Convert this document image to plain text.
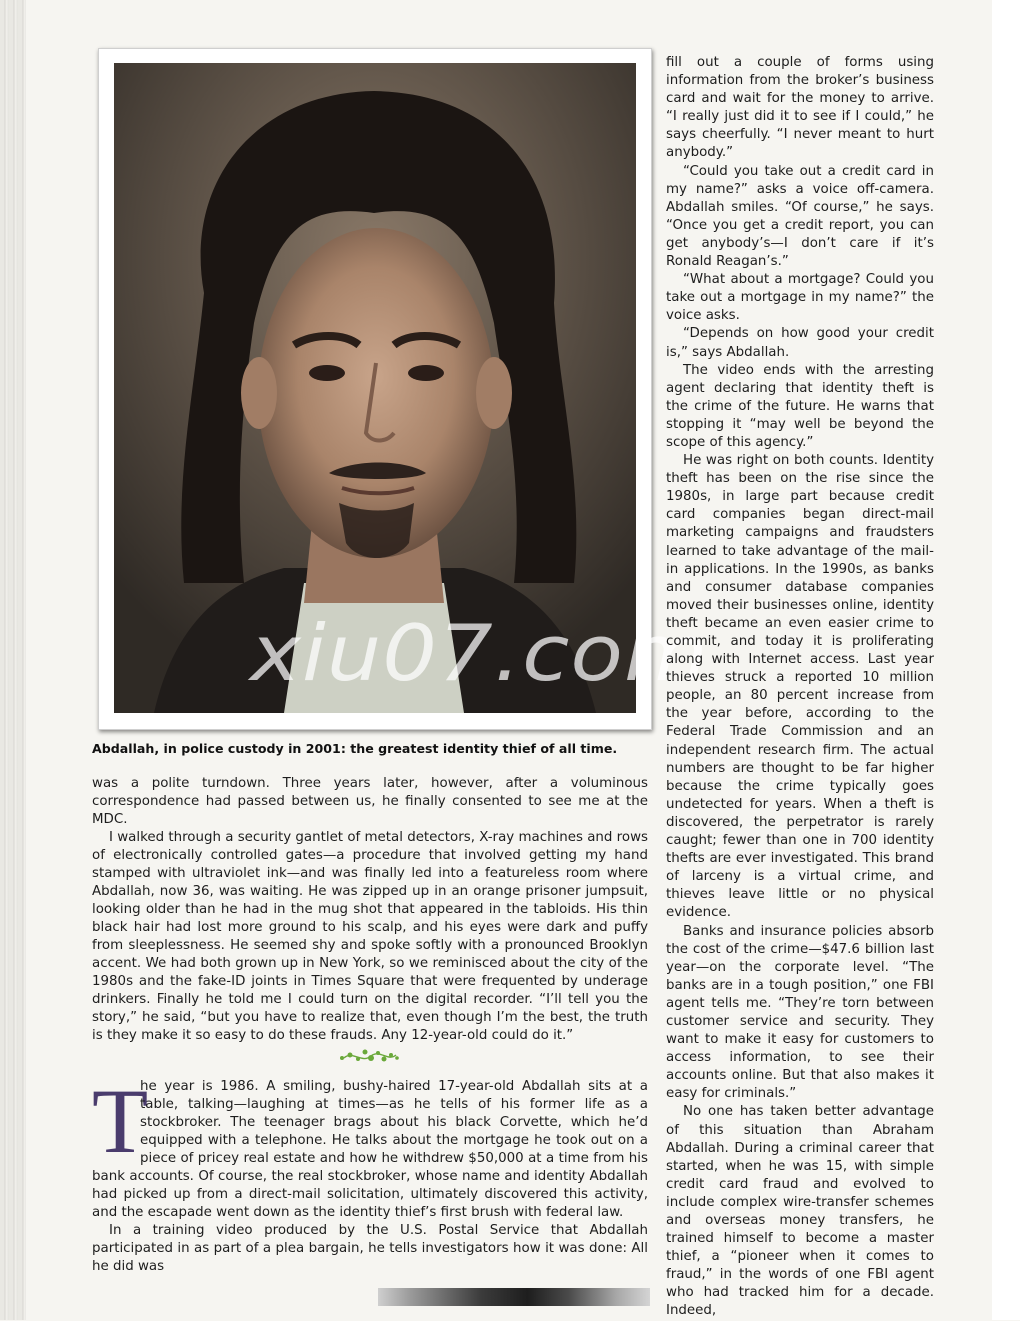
xiu07.com
Abdallah, in police custody in 2001: the greatest identity thief of all time.

was a polite turndown. Three years later, however, after a voluminous correspondence had passed between us, he finally consented to see me at the MDC.

I walked through a security gantlet of metal detectors, X-ray machines and rows of electronically controlled gates—a procedure that involved getting my hand stamped with ultraviolet ink—and was finally led into a featureless room where Abdallah, now 36, was waiting. He was zipped up in an orange prisoner jumpsuit, looking older than he had in the mug shot that appeared in the tabloids. His thin black hair had lost more ground to his scalp, and his eyes were dark and puffy from sleeplessness. He seemed shy and spoke softly with a pronounced Brooklyn accent. We had both grown up in New York, so we reminisced about the city of the 1980s and the fake-ID joints in Times Square that were frequented by underage drinkers. Finally he told me I could turn on the digital recorder. “I’ll tell you the story,” he said, “but you have to realize that, even though I’m the best, the truth is they make it so easy to do these frauds. Any 12-year-old could do it.”

T
he year is 1986. A smiling, bushy-haired 17-year-old Abdallah sits at a table, talking—laughing at times—as he tells of his former life as a stockbroker. The teenager brags about his black Corvette, which he’d equipped with a telephone. He talks about the mortgage he took out on a piece of pricey real estate and how he withdrew $50,000 at a time from his bank accounts. Of course, the real stockbroker, whose name and identity Abdallah had picked up from a direct-mail solicitation, ultimately discovered this activity, and the escapade went down as the identity thief’s first brush with federal law.

In a training video produced by the U.S. Postal Service that Abdallah participated in as part of a plea bargain, he tells investigators how it was done: All he did was

fill out a couple of forms using information from the broker’s business card and wait for the money to arrive. “I really just did it to see if I could,” he says cheerfully. “I never meant to hurt anybody.”

“Could you take out a credit card in my name?” asks a voice off-camera. Abdallah smiles. “Of course,” he says. “Once you get a credit report, you can get anybody’s—I don’t care if it’s Ronald Reagan’s.”

“What about a mortgage? Could you take out a mortgage in my name?” the voice asks.

“Depends on how good your credit is,” says Abdallah.

The video ends with the arresting agent declaring that identity theft is the crime of the future. He warns that stopping it “may well be beyond the scope of this agency.”

He was right on both counts. Identity theft has been on the rise since the 1980s, in large part because credit card companies began direct-mail marketing campaigns and fraudsters learned to take advantage of the mail-in applications. In the 1990s, as banks and consumer database companies moved their businesses online, identity theft became an even easier crime to commit, and today it is proliferating along with Internet access. Last year thieves struck a reported 10 million people, an 80 percent increase from the year before, according to the Federal Trade Commission and an independent research firm. The actual numbers are thought to be far higher because the crime typically goes undetected for years. When a theft is discovered, the perpetrator is rarely caught; fewer than one in 700 identity thefts are ever investigated. This brand of larceny is a virtual crime, and thieves leave little or no physical evidence.

Banks and insurance policies absorb the cost of the crime—$47.6 billion last year—on the corporate level. “The banks are in a tough position,” one FBI agent tells me. “They’re torn between customer service and security. They want to make it easy for customers to access information, to see their accounts online. But that also makes it easy for criminals.”

No one has taken better advantage of this situation than Abraham Abdallah. During a criminal career that started, when he was 15, with simple credit card fraud and evolved to include complex wire-transfer schemes and overseas money transfers, he trained himself to become a master thief, a “pioneer when it comes to fraud,” in the words of one FBI agent who had tracked him for a decade. Indeed,
